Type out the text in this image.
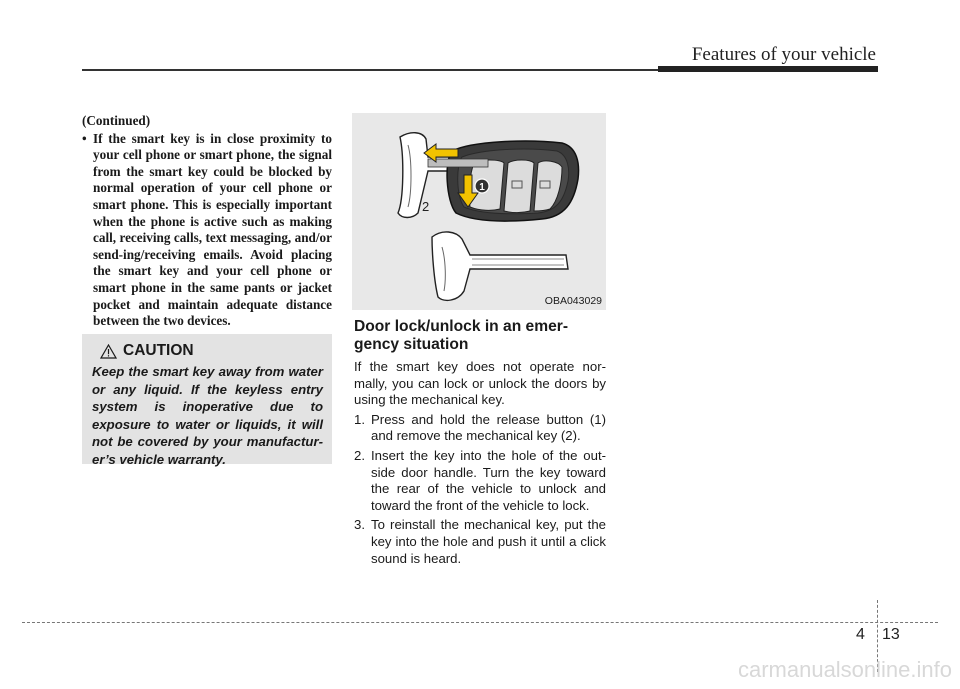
Features of your vehicle
(Continued)
• If the smart key is in close proximity to your cell phone or smart phone, the signal from the smart key could be blocked by normal operation of your cell phone or smart phone. This is especially important when the phone is active such as making call, receiving calls, text messaging, and/or send-ing/receiving emails. Avoid placing the smart key and your cell phone or smart phone in the same pants or jacket pocket and maintain adequate distance between the two devices.
CAUTION
Keep the smart key away from water or any liquid. If the keyless entry system is inoperative due to exposure to water or liquids, it will not be covered by your manufactur-er’s vehicle warranty.
1
2
OBA043029
Door lock/unlock in an emer-gency situation
If the smart key does not operate nor-mally, you can lock or unlock the doors by using the mechanical key.
1. Press and hold the release button (1) and remove the mechanical key (2).
2. Insert the key into the hole of the out-side door handle. Turn the key toward the rear of the vehicle to unlock and toward the front of the vehicle to lock.
3. To reinstall the mechanical key, put the key into the hole and push it until a click sound is heard.
4 13
carmanualsonline.info
